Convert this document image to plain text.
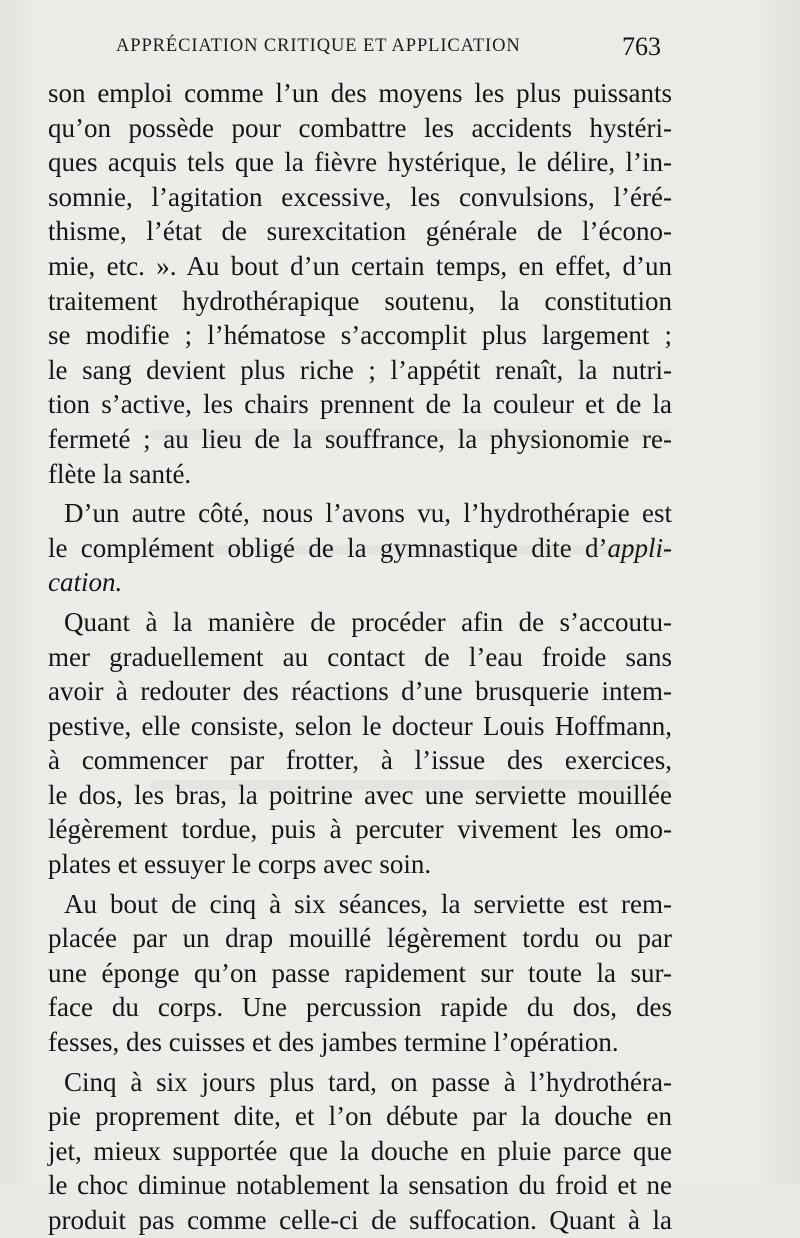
APPRÉCIATION CRITIQUE ET APPLICATION	763
son emploi comme l’un des moyens les plus puissants
qu’on possède pour combattre les accidents hystéri-
ques acquis tels que la fièvre hystérique, le délire, l’in-
somnie, l’agitation excessive, les convulsions, l’éré-
thisme, l’état de surexcitation générale de l’écono-
mie, etc. ». Au bout d’un certain temps, en effet, d’un
traitement hydrothérapique soutenu, la constitution
se modifie ; l’hématose s’accomplit plus largement ;
le sang devient plus riche ; l’appétit renaît, la nutri-
tion s’active, les chairs prennent de la couleur et de la
fermeté ; au lieu de la souffrance, la physionomie re-
flète la santé.
D’un autre côté, nous l’avons vu, l’hydrothérapie est
le complément obligé de la gymnastique dite d’appli-
cation.
Quant à la manière de procéder afin de s’accoutu-
mer graduellement au contact de l’eau froide sans
avoir à redouter des réactions d’une brusquerie intem-
pestive, elle consiste, selon le docteur Louis Hoffmann,
à commencer par frotter, à l’issue des exercices,
le dos, les bras, la poitrine avec une serviette mouillée
légèrement tordue, puis à percuter vivement les omo-
plates et essuyer le corps avec soin.
Au bout de cinq à six séances, la serviette est rem-
placée par un drap mouillé légèrement tordu ou par
une éponge qu’on passe rapidement sur toute la sur-
face du corps. Une percussion rapide du dos, des
fesses, des cuisses et des jambes termine l’opération.
Cinq à six jours plus tard, on passe à l’hydrothéra-
pie proprement dite, et l’on débute par la douche en
jet, mieux supportée que la douche en pluie parce que
le choc diminue notablement la sensation du froid et ne
produit pas comme celle-ci de suffocation. Quant à la
